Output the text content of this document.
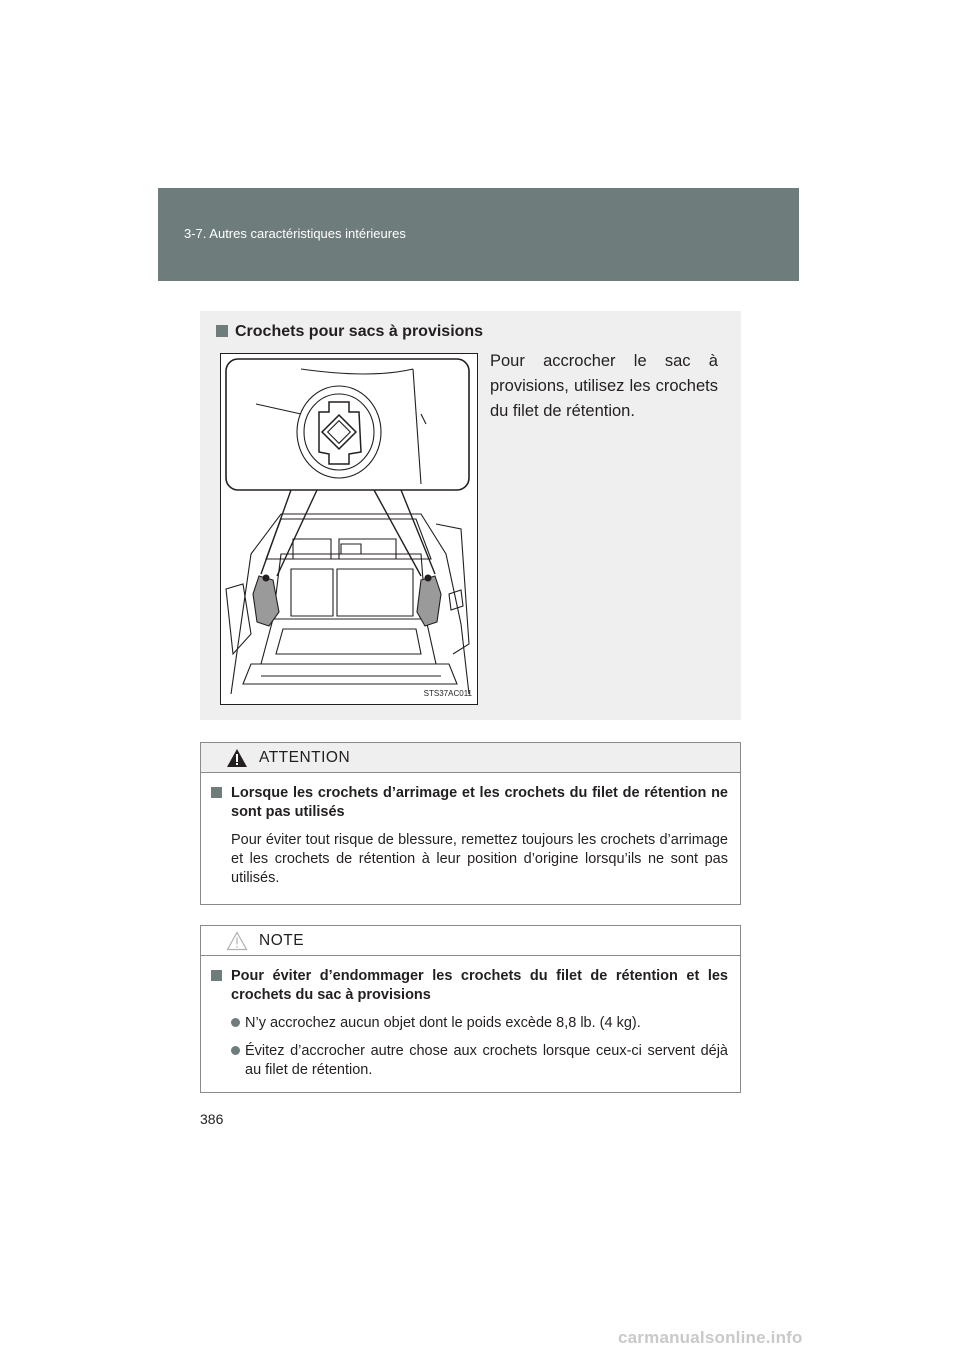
3-7. Autres caractéristiques intérieures
Crochets pour sacs à provisions
Pour accrocher le sac à provisions, utilisez les crochets du filet de rétention.
STS37AC011
ATTENTION
Lorsque les crochets d’arrimage et les crochets du filet de rétention ne sont pas utilisés
Pour éviter tout risque de blessure, remettez toujours les crochets d’arrimage et les crochets de rétention à leur position d’origine lorsqu’ils ne sont pas utilisés.
NOTE
Pour éviter d’endommager les crochets du filet de rétention et les crochets du sac à provisions
N’y accrochez aucun objet dont le poids excède 8,8 lb. (4 kg).
Évitez d’accrocher autre chose aux crochets lorsque ceux-ci servent déjà au filet de rétention.
386
carmanualsonline.info
